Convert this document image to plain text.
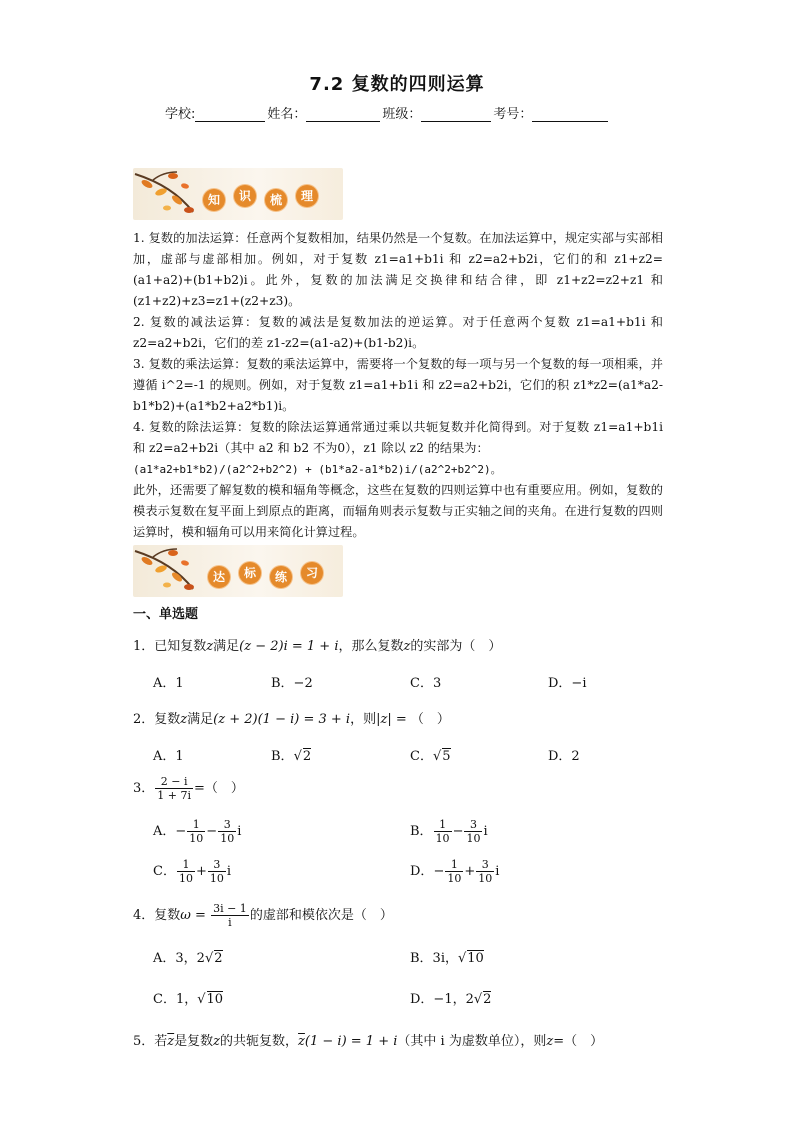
7.2 复数的四则运算
学校:	姓名：	班级：	考号：
知	识	梳	理

1. 复数的加法运算：任意两个复数相加，结果仍然是一个复数。在加法运算中，规定实部与实部相加，虚部与虚部相加。例如，对于复数 z1=a1+b1i 和 z2=a2+b2i，它们的和 z1+z2=(a1+a2)+(b1+b2)i。此外，复数的加法满足交换律和结合律，即 z1+z2=z2+z1 和(z1+z2)+z3=z1+(z2+z3)。

2. 复数的减法运算：复数的减法是复数加法的逆运算。对于任意两个复数 z1=a1+b1i 和 z2=a2+b2i，它们的差 z1-z2=(a1-a2)+(b1-b2)i。

3. 复数的乘法运算：复数的乘法运算中，需要将一个复数的每一项与另一个复数的每一项相乘，并遵循 i^2=-1 的规则。例如，对于复数 z1=a1+b1i 和 z2=a2+b2i，它们的积 z1*z2=(a1*a2-b1*b2)+(a1*b2+a2*b1)i。

4. 复数的除法运算：复数的除法运算通常通过乘以共轭复数并化简得到。对于复数 z1=a1+b1i 和 z2=a2+b2i（其中 a2 和 b2 不为0），z1 除以 z2 的结果为：

(a1*a2+b1*b2)/(a2^2+b2^2) + (b1*a2-a1*b2)i/(a2^2+b2^2)。

此外，还需要了解复数的模和辐角等概念，这些在复数的四则运算中也有重要应用。例如，复数的模表示复数在复平面上到原点的距离，而辐角则表示复数与正实轴之间的夹角。在进行复数的四则运算时，模和辐角可以用来简化计算过程。

达	标	练	习
一、单选题
1．已知复数z满足(z − 2)i = 1 + i，那么复数z的实部为（　）
A．1	B．−2	C．3	D．−i
2．复数z满足(z + 2)(1 − i) = 3 + i，则|z| = （　）
A．1	B．√2	C．√5	D．2
3． $\frac{2 - i}{1 + 7i}$ =（　）
A．− $\frac{1}{10} - \frac{3}{10}$ i	B． $\frac{1}{10} - \frac{3}{10}$ i
C． $\frac{1}{10} + \frac{3}{10}$ i	D．− $\frac{1}{10} + \frac{3}{10}$ i
4．复数$\omega = \frac{3i - 1}{i}$ 的虚部和模依次是（　）
A．3，2√2	B．3i，√10
C．1，√10	D．−1，2√2
5．若$\overline{z}$是复数z的共轭复数，$\overline{z}(1 - i) = 1 + i$（其中 i 为虚数单位），则z=（　）
